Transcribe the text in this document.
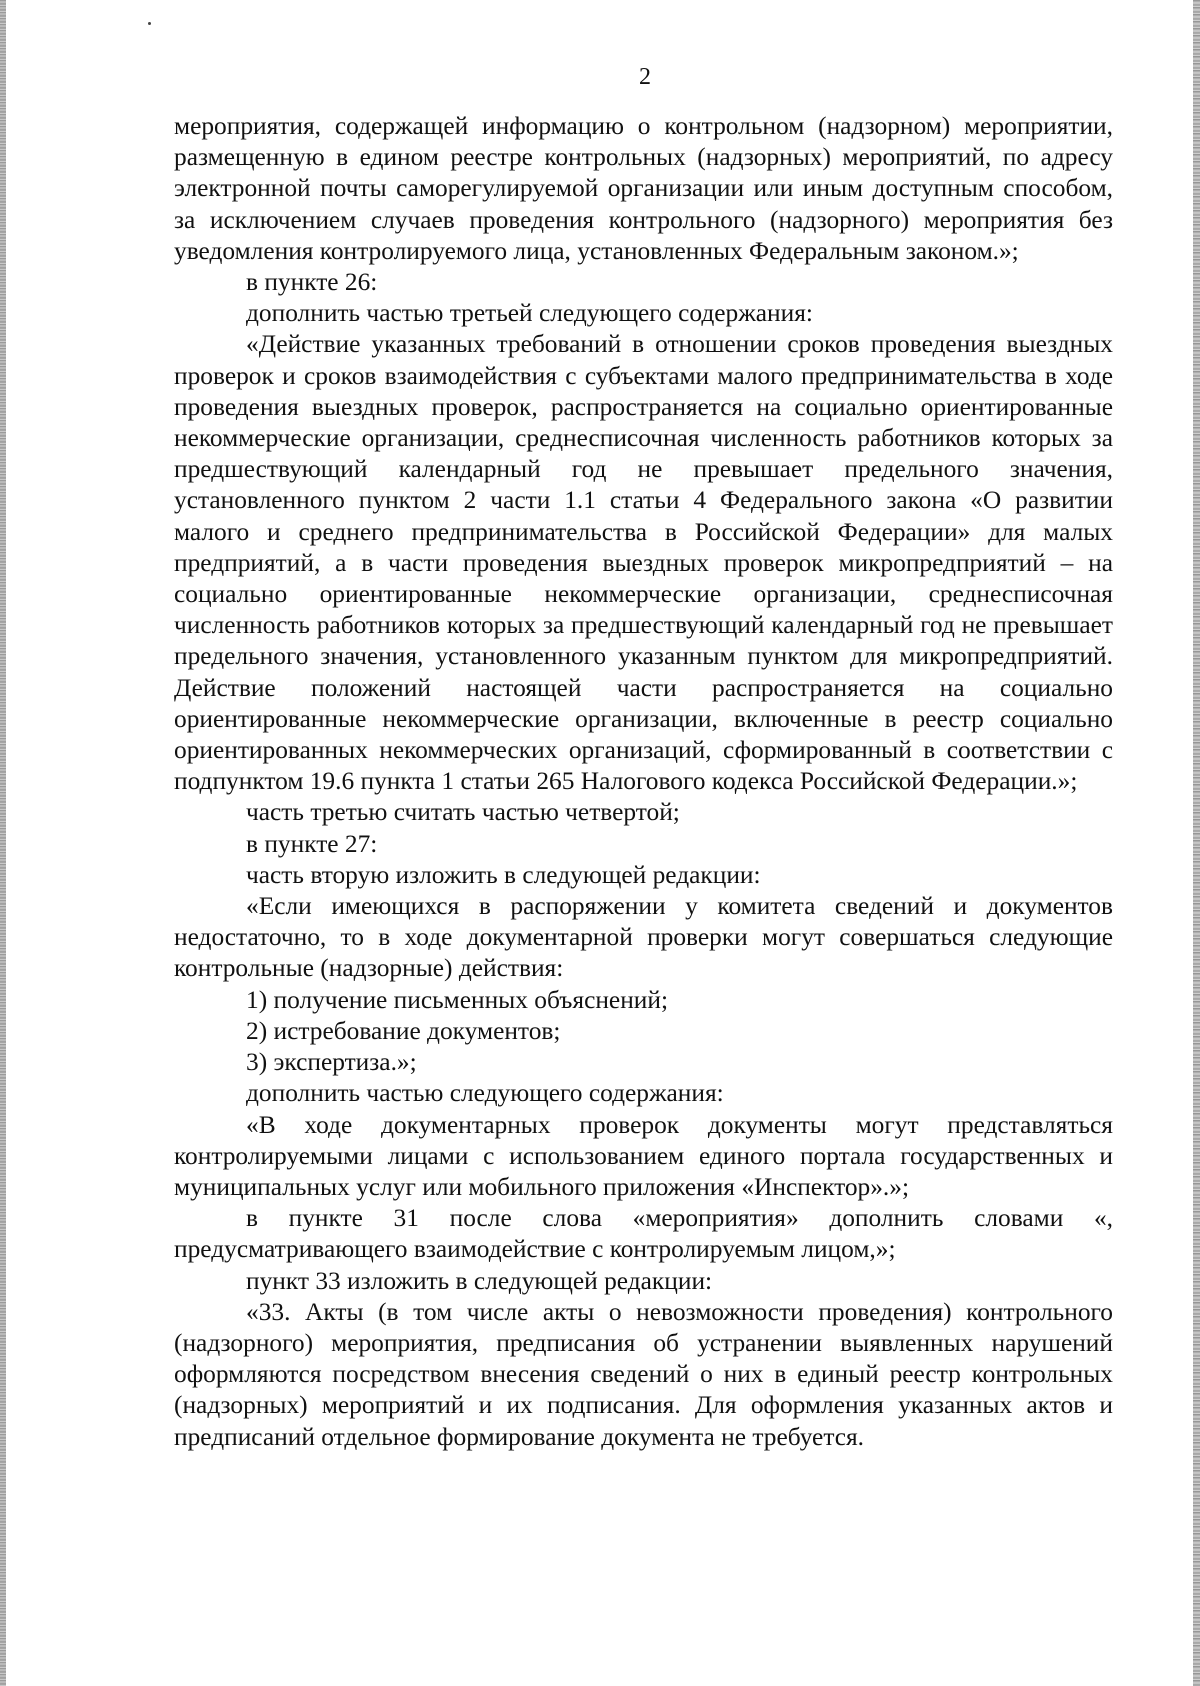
2

мероприятия, содержащей информацию о контрольном (надзорном) мероприятии, размещенную в едином реестре контрольных (надзорных) мероприятий, по адресу электронной почты саморегулируемой организации или иным доступным способом, за исключением случаев проведения контрольного (надзорного) мероприятия без уведомления контролируемого лица, установленных Федеральным законом.»;

в пункте 26:

дополнить частью третьей следующего содержания:

«Действие указанных требований в отношении сроков проведения выездных проверок и сроков взаимодействия с субъектами малого предпринимательства в ходе проведения выездных проверок, распространяется на социально ориентированные некоммерческие организации, среднесписочная численность работников которых за предшествующий календарный год не превышает предельного значения, установленного пунктом 2 части 1.1 статьи 4 Федерального закона «О развитии малого и среднего предпринимательства в Российской Федерации» для малых предприятий, а в части проведения выездных проверок микропредприятий – на социально ориентированные некоммерческие организации, среднесписочная численность работников которых за предшествующий календарный год не превышает предельного значения, установленного указанным пунктом для микропредприятий. Действие положений настоящей части распространяется на социально ориентированные некоммерческие организации, включенные в реестр социально ориентированных некоммерческих организаций, сформированный в соответствии с подпунктом 19.6 пункта 1 статьи 265 Налогового кодекса Российской Федерации.»;

часть третью считать частью четвертой;

в пункте 27:

часть вторую изложить в следующей редакции:

«Если имеющихся в распоряжении у комитета сведений и документов недостаточно, то в ходе документарной проверки могут совершаться следующие контрольные (надзорные) действия:

1) получение письменных объяснений;

2) истребование документов;

3) экспертиза.»;

дополнить частью следующего содержания:

«В ходе документарных проверок документы могут представляться контролируемыми лицами с использованием единого портала государственных и муниципальных услуг или мобильного приложения «Инспектор».»;

в пункте 31 после слова «мероприятия» дополнить словами «, предусматривающего взаимодействие с контролируемым лицом,»;

пункт 33 изложить в следующей редакции:

«33. Акты (в том числе акты о невозможности проведения) контрольного (надзорного) мероприятия, предписания об устранении выявленных нарушений оформляются посредством внесения сведений о них в единый реестр контрольных (надзорных) мероприятий и их подписания. Для оформления указанных актов и предписаний отдельное формирование документа не требуется.
